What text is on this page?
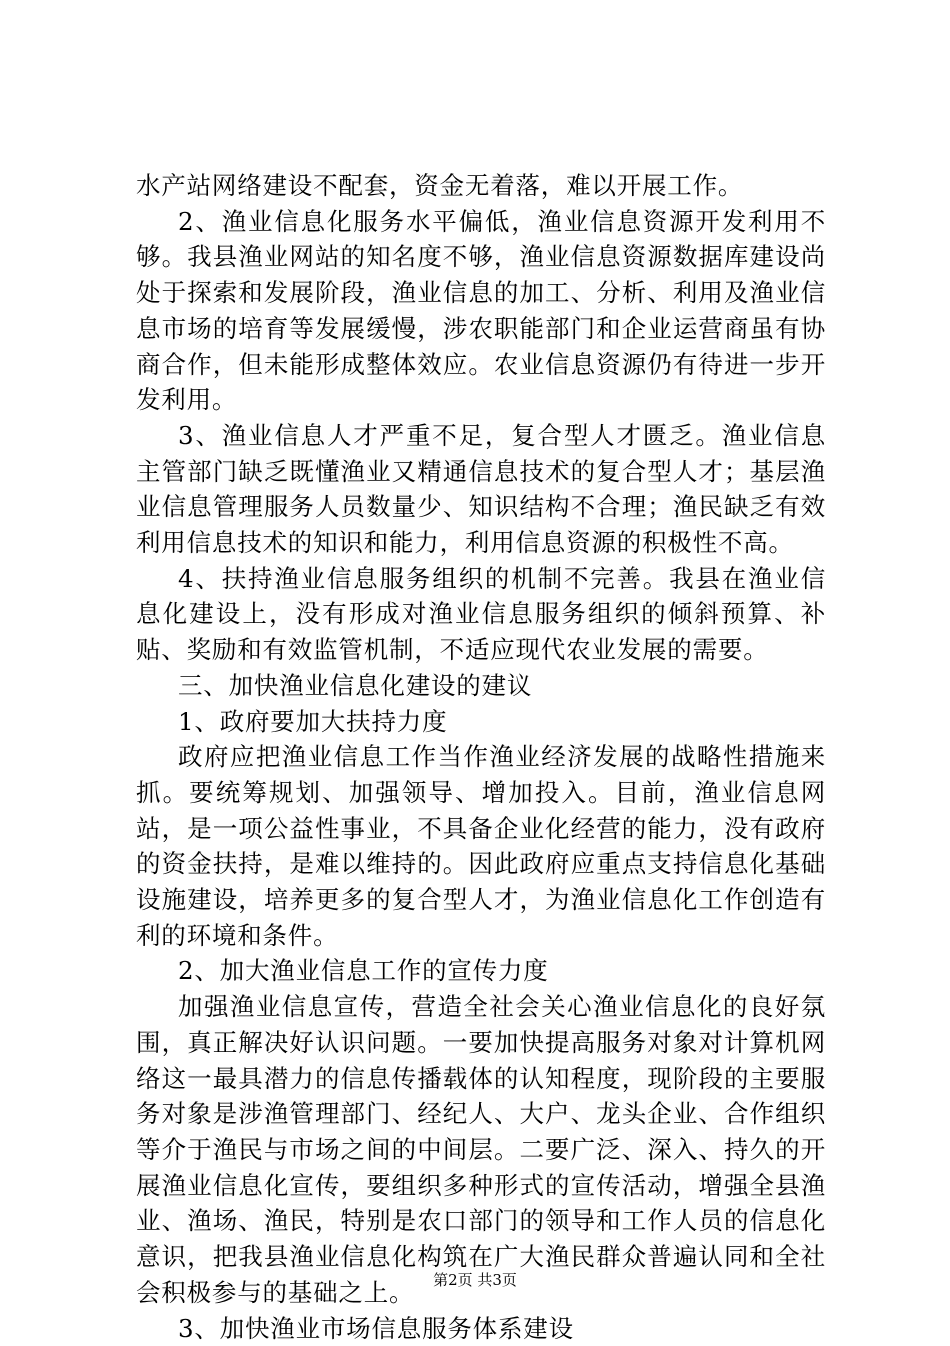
水产站网络建设不配套，资金无着落，难以开展工作。

2、渔业信息化服务水平偏低，渔业信息资源开发利用不够。我县渔业网站的知名度不够，渔业信息资源数据库建设尚处于探索和发展阶段，渔业信息的加工、分析、利用及渔业信息市场的培育等发展缓慢，涉农职能部门和企业运营商虽有协商合作，但未能形成整体效应。农业信息资源仍有待进一步开发利用。

3、渔业信息人才严重不足，复合型人才匮乏。渔业信息主管部门缺乏既懂渔业又精通信息技术的复合型人才；基层渔业信息管理服务人员数量少、知识结构不合理；渔民缺乏有效利用信息技术的知识和能力，利用信息资源的积极性不高。

4、扶持渔业信息服务组织的机制不完善。我县在渔业信息化建设上，没有形成对渔业信息服务组织的倾斜预算、补贴、奖励和有效监管机制，不适应现代农业发展的需要。

三、加快渔业信息化建设的建议

1、政府要加大扶持力度

政府应把渔业信息工作当作渔业经济发展的战略性措施来抓。要统筹规划、加强领导、增加投入。目前，渔业信息网站，是一项公益性事业，不具备企业化经营的能力，没有政府的资金扶持，是难以维持的。因此政府应重点支持信息化基础设施建设，培养更多的复合型人才，为渔业信息化工作创造有利的环境和条件。

2、加大渔业信息工作的宣传力度

加强渔业信息宣传，营造全社会关心渔业信息化的良好氛围，真正解决好认识问题。一要加快提高服务对象对计算机网络这一最具潜力的信息传播载体的认知程度，现阶段的主要服务对象是涉渔管理部门、经纪人、大户、龙头企业、合作组织等介于渔民与市场之间的中间层。二要广泛、深入、持久的开展渔业信息化宣传，要组织多种形式的宣传活动，增强全县渔业、渔场、渔民，特别是农口部门的领导和工作人员的信息化意识，把我县渔业信息化构筑在广大渔民群众普遍认同和全社会积极参与的基础之上。

3、加快渔业市场信息服务体系建设

第2页 共3页
